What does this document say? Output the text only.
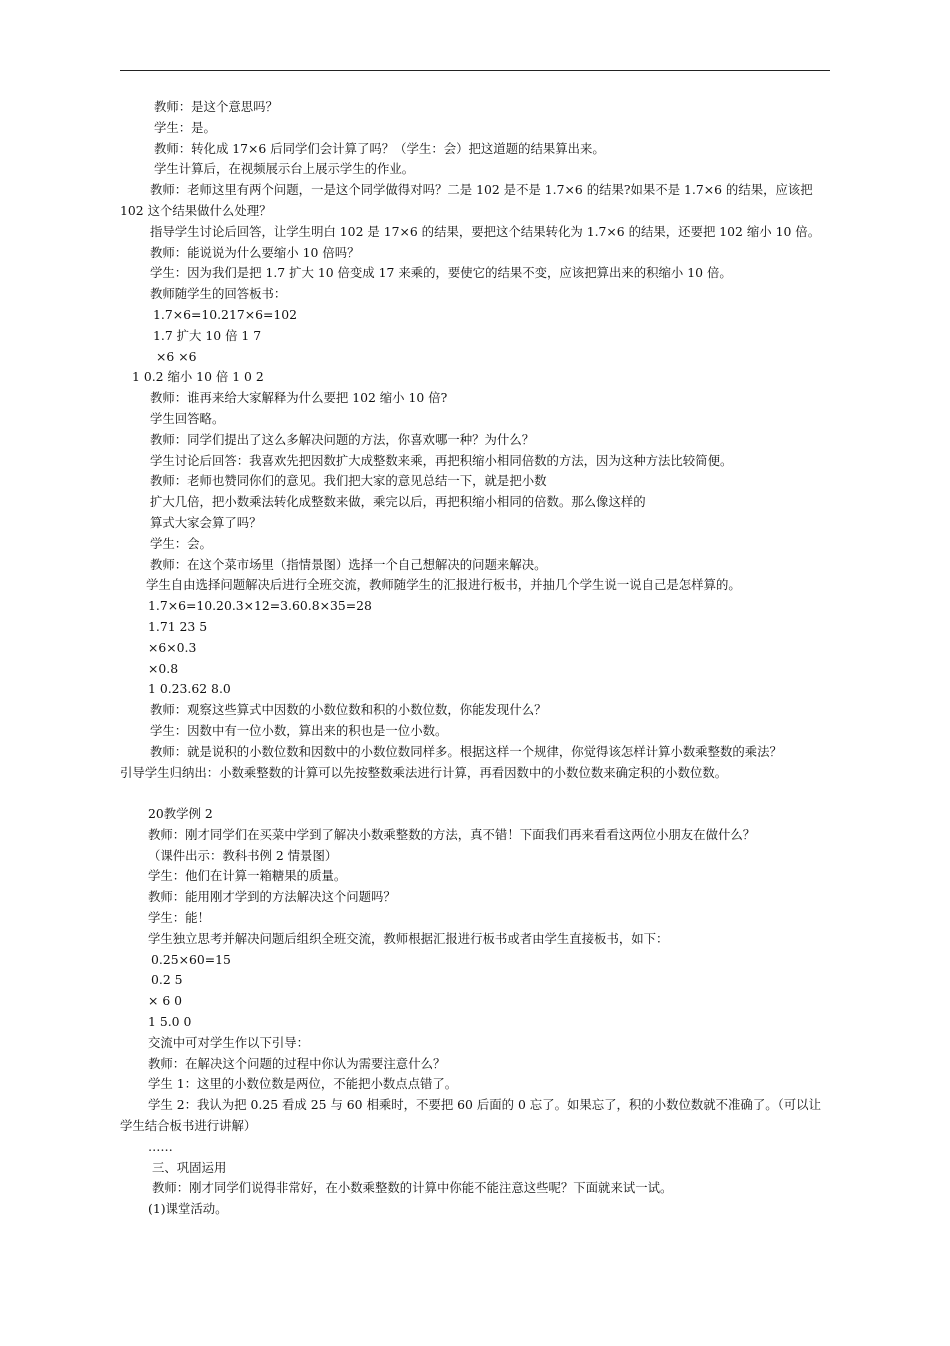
教师：是这个意思吗？
学生：是。
教师：转化成 17×6 后同学们会计算了吗？（学生：会）把这道题的结果算出来。
学生计算后，在视频展示台上展示学生的作业。
教师：老师这里有两个问题，一是这个同学做得对吗？二是 102 是不是 1.7×6 的结果?如果不是 1.7×6 的结果，应该把 102 这个结果做什么处理？
指导学生讨论后回答，让学生明白 102 是 17×6 的结果，要把这个结果转化为 1.7×6 的结果，还要把 102 缩小 10 倍。
教师：能说说为什么要缩小 10 倍吗？
学生：因为我们是把 1.7 扩大 10 倍变成 17 来乘的，要使它的结果不变，应该把算出来的积缩小 10 倍。
教师随学生的回答板书：
1.7×6=10.217×6=102
1.7 扩大 10 倍 1 7
×6 ×6
1 0.2 缩小 10 倍 1 0 2
教师：谁再来给大家解释为什么要把 102 缩小 10 倍?
学生回答略。
教师：同学们提出了这么多解决问题的方法，你喜欢哪一种？为什么？
学生讨论后回答：我喜欢先把因数扩大成整数来乘，再把积缩小相同倍数的方法，因为这种方法比较简便。
教师：老师也赞同你们的意见。我们把大家的意见总结一下，就是把小数
扩大几倍，把小数乘法转化成整数来做，乘完以后，再把积缩小相同的倍数。那么像这样的
算式大家会算了吗？
学生：会。
教师：在这个菜市场里（指情景图）选择一个自己想解决的问题来解决。
学生自由选择问题解决后进行全班交流，教师随学生的汇报进行板书，并抽几个学生说一说自己是怎样算的。
1.7×6=10.20.3×12=3.60.8×35=28
1.71 23 5
×6×0.3
×0.8
1 0.23.62 8.0
教师：观察这些算式中因数的小数位数和积的小数位数，你能发现什么？
学生：因数中有一位小数，算出来的积也是一位小数。
教师：就是说积的小数位数和因数中的小数位数同样多。根据这样一个规律，你觉得该怎样计算小数乘整数的乘法？
引导学生归纳出：小数乘整数的计算可以先按整数乘法进行计算，再看因数中的小数位数来确定积的小数位数。
20教学例 2
教师：刚才同学们在买菜中学到了解决小数乘整数的方法，真不错！下面我们再来看看这两位小朋友在做什么？
（课件出示：教科书例 2 情景图）
学生：他们在计算一箱糖果的质量。
教师：能用刚才学到的方法解决这个问题吗？
学生：能！
学生独立思考并解决问题后组织全班交流，教师根据汇报进行板书或者由学生直接板书，如下：
0.25×60=15
0.2 5
× 6 0
1 5.0 0
交流中可对学生作以下引导：
教师：在解决这个问题的过程中你认为需要注意什么？
学生 1：这里的小数位数是两位，不能把小数点点错了。
学生 2：我认为把 0.25 看成 25 与 60 相乘时，不要把 60 后面的 0 忘了。如果忘了，积的小数位数就不准确了。（可以让学生结合板书进行讲解）
……
三、巩固运用
教师：刚才同学们说得非常好，在小数乘整数的计算中你能不能注意这些呢？下面就来试一试。
(1)课堂活动。
